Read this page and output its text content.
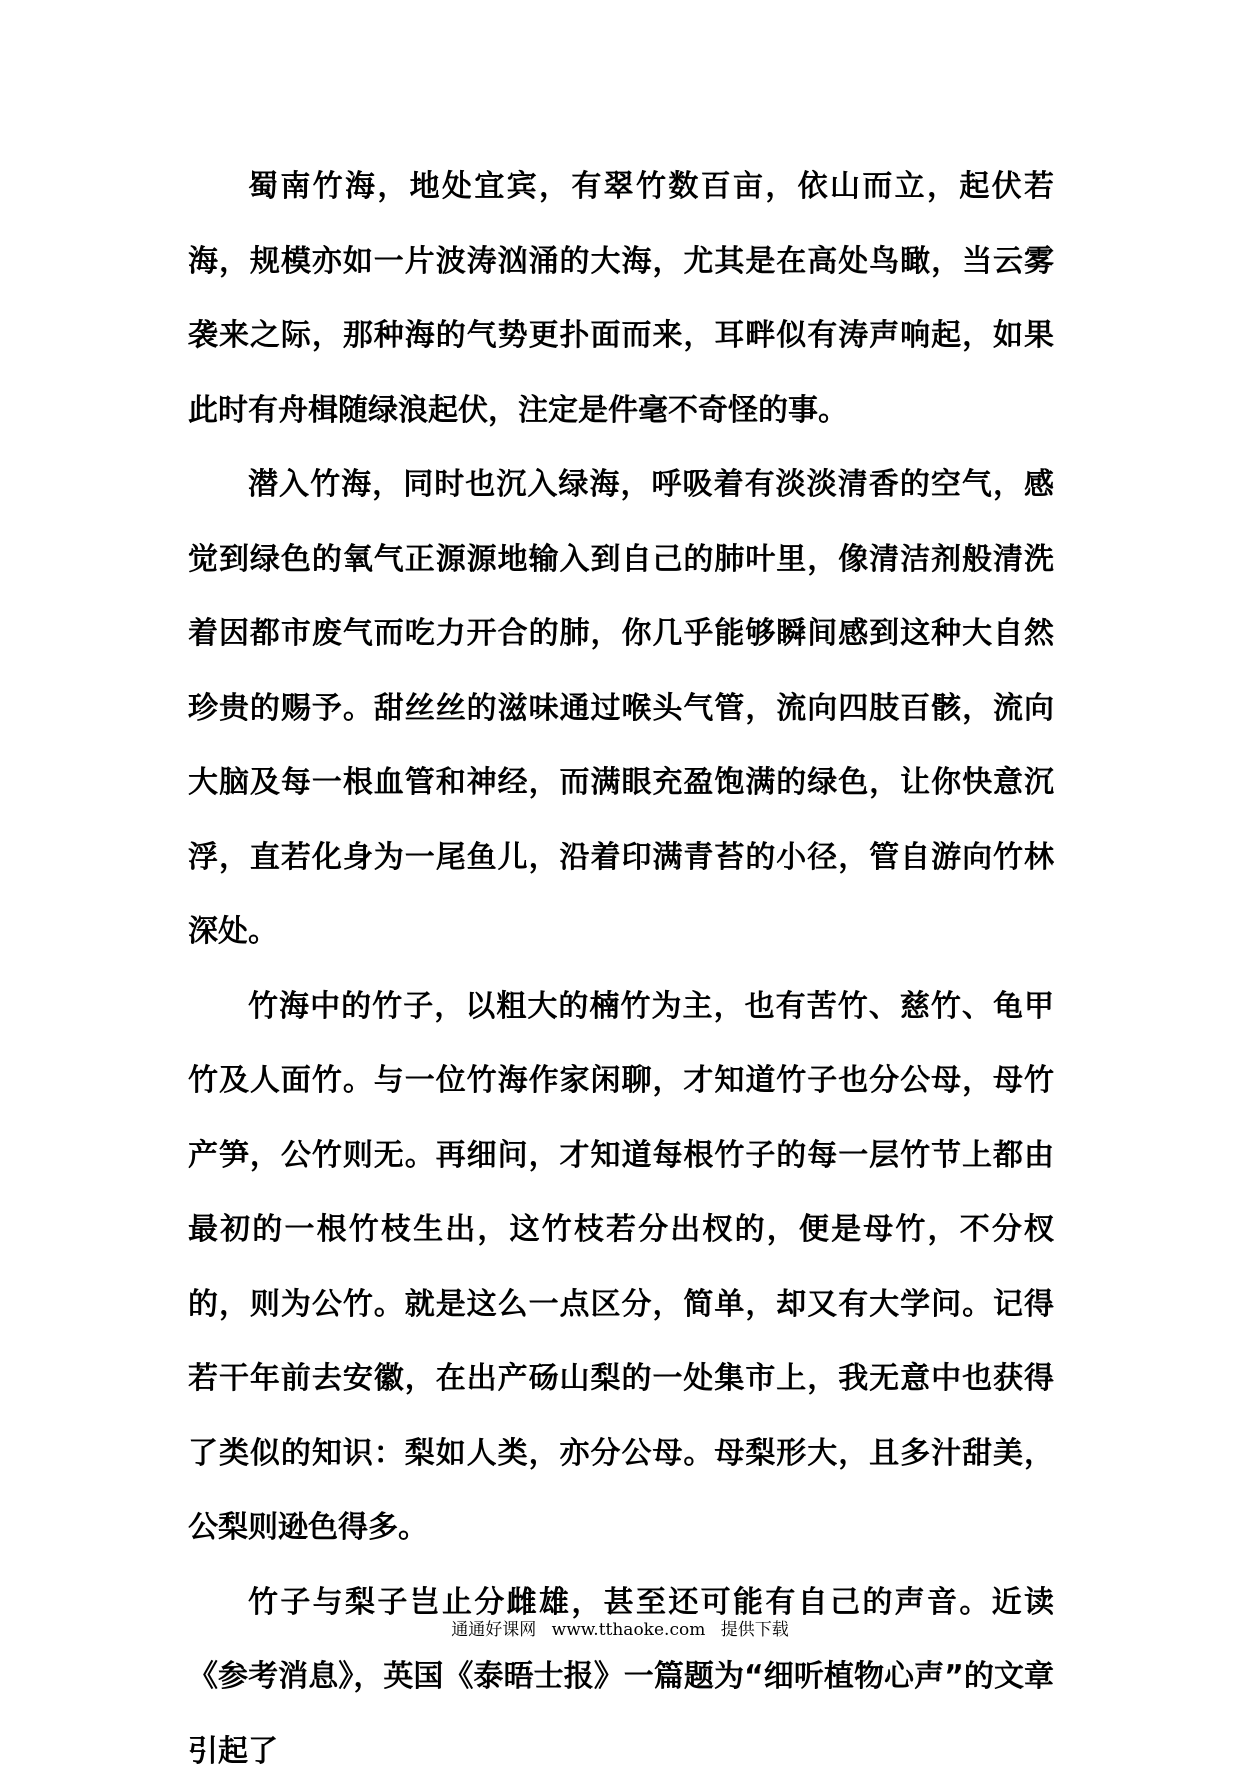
蜀南竹海，地处宜宾，有翠竹数百亩，依山而立，起伏若海，规模亦如一片波涛汹涌的大海，尤其是在高处鸟瞰，当云雾袭来之际，那种海的气势更扑面而来，耳畔似有涛声响起，如果此时有舟楫随绿浪起伏，注定是件毫不奇怪的事。

潜入竹海，同时也沉入绿海，呼吸着有淡淡清香的空气，感觉到绿色的氧气正源源地输入到自己的肺叶里，像清洁剂般清洗着因都市废气而吃力开合的肺，你几乎能够瞬间感到这种大自然珍贵的赐予。甜丝丝的滋味通过喉头气管，流向四肢百骸，流向大脑及每一根血管和神经，而满眼充盈饱满的绿色，让你快意沉浮，直若化身为一尾鱼儿，沿着印满青苔的小径，管自游向竹林深处。

竹海中的竹子，以粗大的楠竹为主，也有苦竹、慈竹、龟甲竹及人面竹。与一位竹海作家闲聊，才知道竹子也分公母，母竹产笋，公竹则无。再细问，才知道每根竹子的每一层竹节上都由最初的一根竹枝生出，这竹枝若分出杈的，便是母竹，不分杈的，则为公竹。就是这么一点区分，简单，却又有大学问。记得若干年前去安徽，在出产砀山梨的一处集市上，我无意中也获得了类似的知识：梨如人类，亦分公母。母梨形大，且多汁甜美，公梨则逊色得多。

竹子与梨子岂止分雌雄，甚至还可能有自己的声音。近读《参考消息》，英国《泰晤士报》一篇题为“细听植物心声”的文章引起了

通通好课网 www.tthaoke.com 提供下载
